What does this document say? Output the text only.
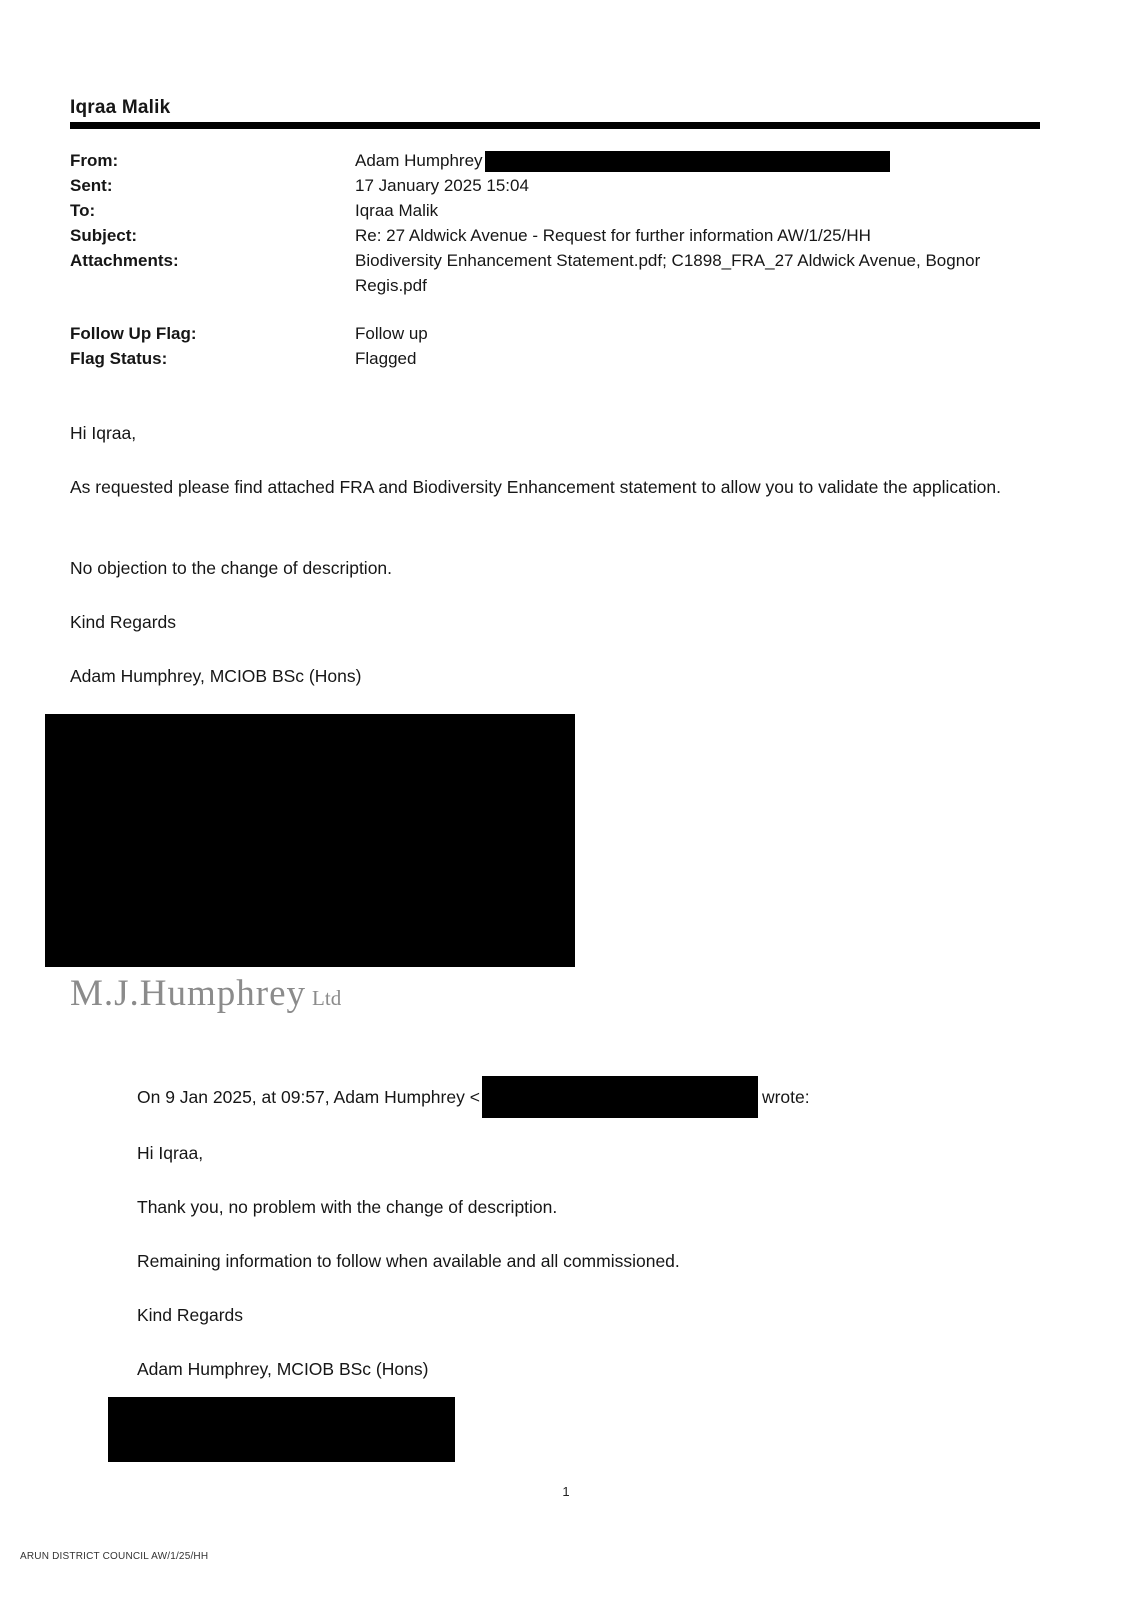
Iqraa Malik
From:	Adam Humphrey
Sent:	17 January 2025 15:04
To:	Iqraa Malik
Subject:	Re: 27 Aldwick Avenue - Request for further information AW/1/25/HH
Attachments:	Biodiversity Enhancement Statement.pdf; C1898_FRA_27 Aldwick Avenue, Bognor Regis.pdf
Follow Up Flag:	Follow up
Flag Status:	Flagged
Hi Iqraa,
As requested please find attached FRA and Biodiversity Enhancement statement to allow you to validate the application.
No objection to the change of description.
Kind Regards
Adam Humphrey, MCIOB BSc (Hons)
M.J.Humphrey Ltd
On 9 Jan 2025, at 09:57, Adam Humphrey <	wrote:
Hi Iqraa,
Thank you, no problem with the change of description.
Remaining information to follow when available and all commissioned.
Kind Regards
Adam Humphrey, MCIOB BSc (Hons)
1
ARUN DISTRICT COUNCIL AW/1/25/HH
